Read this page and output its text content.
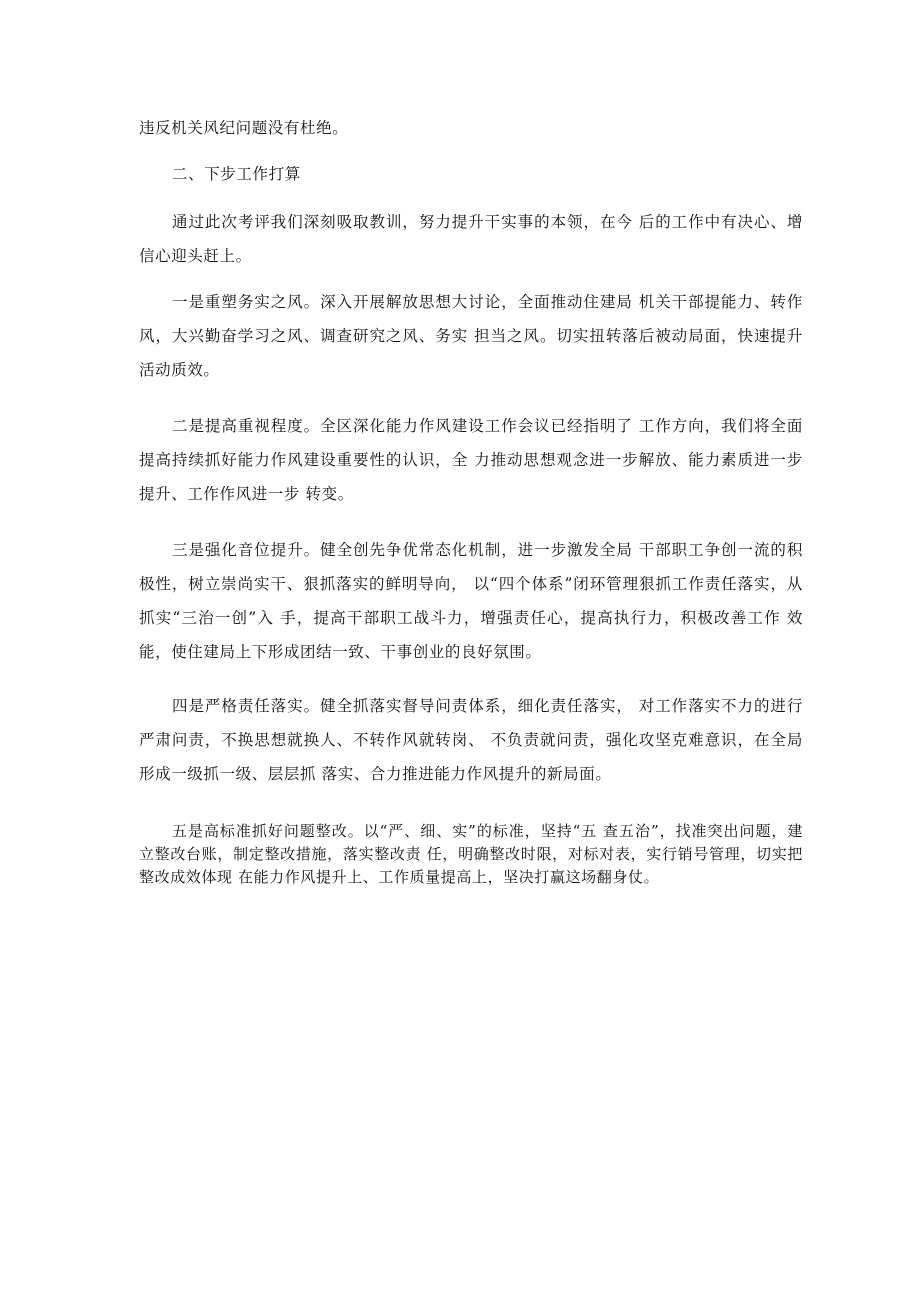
违反机关风纪问题没有杜绝。

二、下步工作打算

通过此次考评我们深刻吸取教训，努力提升干实事的本领，在今 后的工作中有决心、增信心迎头赶上。

一是重塑务实之风。深入开展解放思想大讨论，全面推动住建局 机关干部提能力、转作风，大兴勤奋学习之风、调查研究之风、务实 担当之风。切实扭转落后被动局面，快速提升活动质效。

二是提高重视程度。全区深化能力作风建设工作会议已经指明了 工作方向，我们将全面提高持续抓好能力作风建设重要性的认识，全 力推动思想观念进一步解放、能力素质进一步提升、工作作风进一步 转变。

三是强化音位提升。健全创先争优常态化机制，进一步激发全局 干部职工争创一流的积极性，树立崇尚实干、狠抓落实的鲜明导向， 以“四个体系”闭环管理狠抓工作责任落实，从抓实“三治一创”入 手，提高干部职工战斗力，增强责任心，提高执行力，积极改善工作 效能，使住建局上下形成团结一致、干事创业的良好氛围。

四是严格责任落实。健全抓落实督导问责体系，细化责任落实， 对工作落实不力的进行严肃问责，不换思想就换人、不转作风就转岗、 不负责就问责，强化攻坚克难意识，在全局形成一级抓一级、层层抓 落实、合力推进能力作风提升的新局面。

五是高标准抓好问题整改。以“严、细、实”的标准，坚持“五 查五治”，找准突出问题，建立整改台账，制定整改措施，落实整改责 任，明确整改时限，对标对表，实行销号管理，切实把整改成效体现 在能力作风提升上、工作质量提高上，坚决打赢这场翻身仗。
